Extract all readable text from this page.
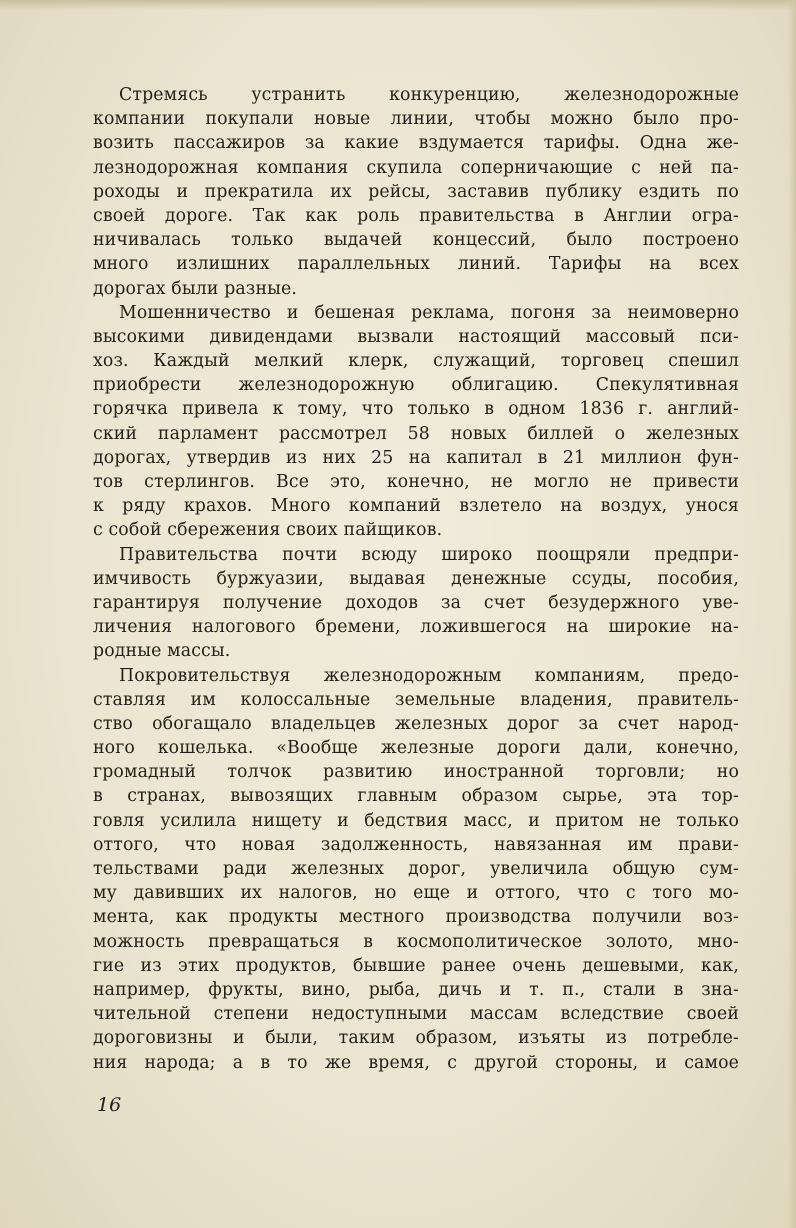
Стремясь устранить конкуренцию, железнодорожные
компании покупали новые линии, чтобы можно было про-
возить пассажиров за какие вздумается тарифы. Одна же-
лезнодорожная компания скупила соперничающие с ней па-
роходы и прекратила их рейсы, заставив публику ездить по
своей дороге. Так как роль правительства в Англии огра-
ничивалась только выдачей концессий, было построено
много излишних параллельных линий. Тарифы на всех
дорогах были разные.
Мошенничество и бешеная реклама, погоня за неимоверно
высокими дивидендами вызвали настоящий массовый пси-
хоз. Каждый мелкий клерк, служащий, торговец спешил
приобрести железнодорожную облигацию. Спекулятивная
горячка привела к тому, что только в одном 1836 г. англий-
ский парламент рассмотрел 58 новых биллей о железных
дорогах, утвердив из них 25 на капитал в 21 миллион фун-
тов стерлингов. Все это, конечно, не могло не привести
к ряду крахов. Много компаний взлетело на воздух, унося
с собой сбережения своих пайщиков.
Правительства почти всюду широко поощряли предпри-
имчивость буржуазии, выдавая денежные ссуды, пособия,
гарантируя получение доходов за счет безудержного уве-
личения налогового бремени, ложившегося на широкие на-
родные массы.
Покровительствуя железнодорожным компаниям, предо-
ставляя им колоссальные земельные владения, правитель-
ство обогащало владельцев железных дорог за счет народ-
ного кошелька. «Вообще железные дороги дали, конечно,
громадный толчок развитию иностранной торговли; но
в странах, вывозящих главным образом сырье, эта тор-
говля усилила нищету и бедствия масс, и притом не только
оттого, что новая задолженность, навязанная им прави-
тельствами ради железных дорог, увеличила общую сум-
му давивших их налогов, но еще и оттого, что с того мо-
мента, как продукты местного производства получили воз-
можность превращаться в космополитическое золото, мно-
гие из этих продуктов, бывшие ранее очень дешевыми, как,
например, фрукты, вино, рыба, дичь и т. п., стали в зна-
чительной степени недоступными массам вследствие своей
дороговизны и были, таким образом, изъяты из потребле-
ния народа; а в то же время, с другой стороны, и самое
16
